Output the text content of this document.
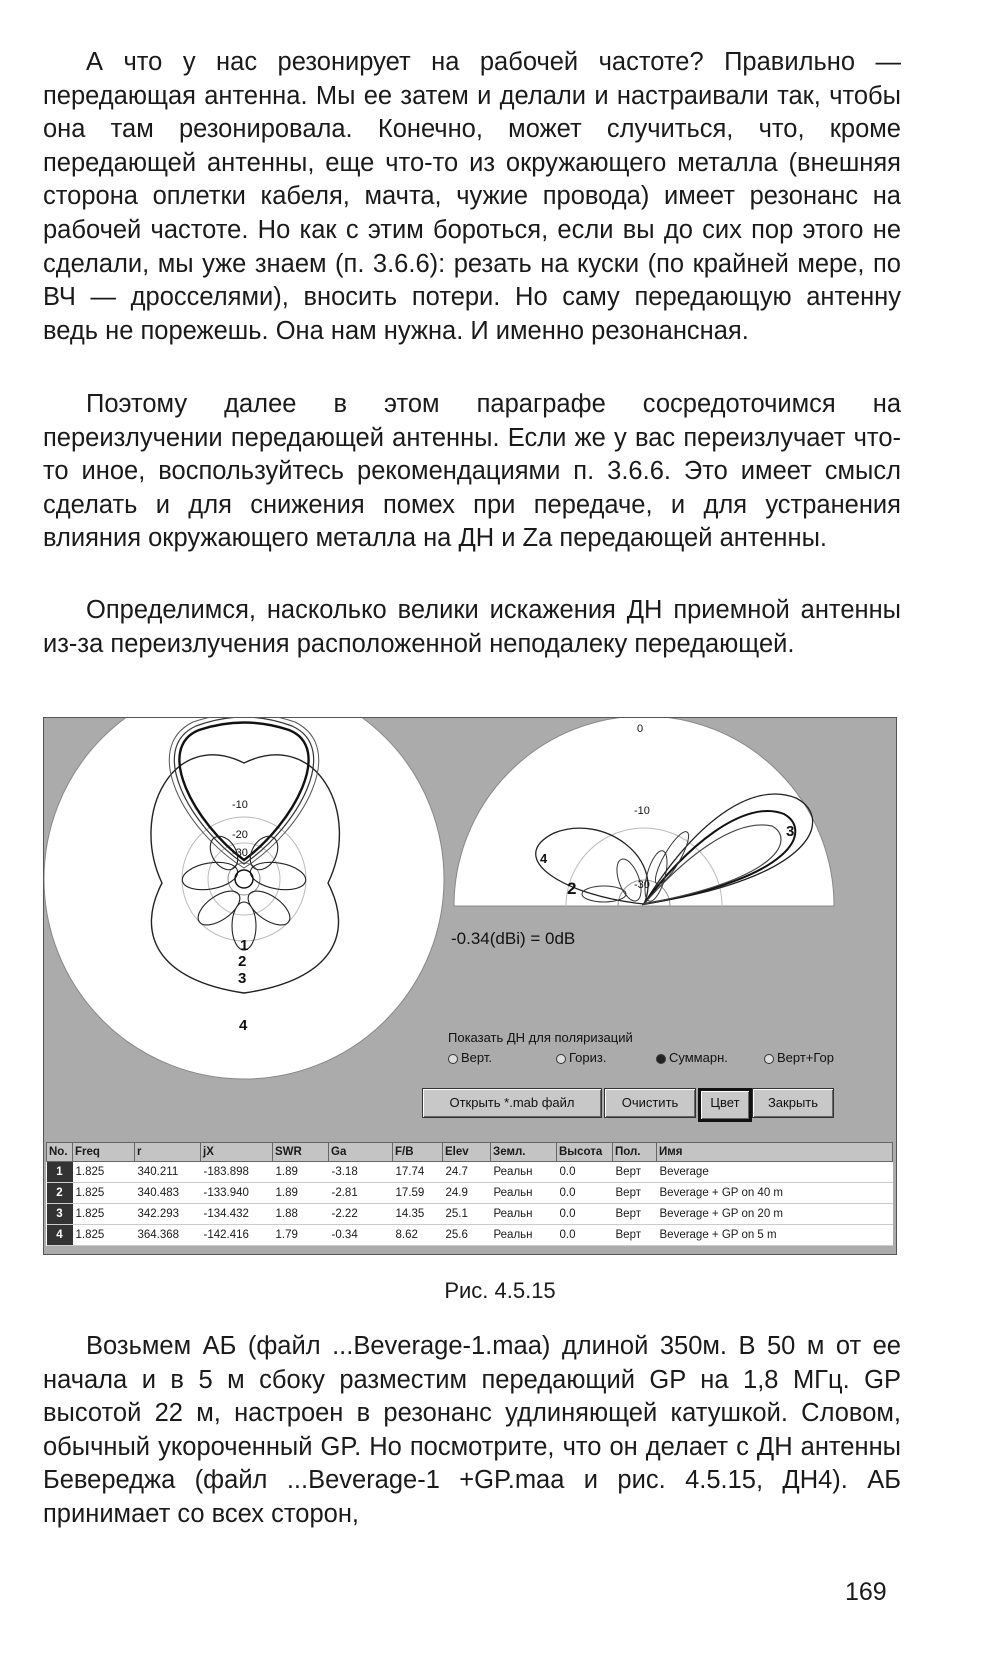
А что у нас резонирует на рабочей частоте? Правильно — передающая антенна. Мы ее затем и делали и настраивали так, чтобы она там резонировала. Конечно, может случиться, что, кроме передающей антенны, еще что-то из окружающего металла (внешняя сторона оплетки кабеля, мачта, чужие провода) имеет резонанс на рабочей частоте. Но как с этим бороться, если вы до сих пор этого не сделали, мы уже знаем (п. 3.6.6): резать на куски (по крайней мере, по ВЧ — дросселями), вносить потери. Но саму передающую антенну ведь не порежешь. Она нам нужна. И именно резонансная.

Поэтому далее в этом параграфе сосредоточимся на переизлучении передающей антенны. Если же у вас переизлучает что-то иное, воспользуйтесь рекомендациями п. 3.6.6. Это имеет смысл сделать и для снижения помех при передаче, и для устранения влияния окружающего металла на ДН и Za передающей антенны.

Определимся, насколько велики искажения ДН приемной антенны из-за переизлучения расположенной неподалеку передающей.

-10
-20
-30
1
2
3
4
0
-10
-30
2
3
4
-0.34(dBi) = 0dB
Показать ДН для поляризаций
Верт.	Гориз.	Суммарн.	Верт+Гор
Открыть *.mab файл	Очистить	Цвет	Закрыть
No.	Freq	r	jX	SWR	Ga	F/B	Elev	Земл.	Высота	Пол.	Имя
1	1.825	340.211	-183.898	1.89	-3.18	17.74	24.7	Реальн	0.0	Верт	Beverage
2	1.825	340.483	-133.940	1.89	-2.81	17.59	24.9	Реальн	0.0	Верт	Beverage + GP on 40 m
3	1.825	342.293	-134.432	1.88	-2.22	14.35	25.1	Реальн	0.0	Верт	Beverage + GP on 20 m
4	1.825	364.368	-142.416	1.79	-0.34	8.62	25.6	Реальн	0.0	Верт	Beverage + GP on 5 m
Рис. 4.5.15

Возьмем АБ (файл ...Beverage-1.maa) длиной 350м. В 50 м от ее начала и в 5 м сбоку разместим передающий GP на 1,8 МГц. GP высотой 22 м, настроен в резонанс удлиняющей катушкой. Словом, обычный укороченный GP. Но посмотрите, что он делает с ДН антенны Бевереджа (файл ...Beverage-1 +GP.maa и рис. 4.5.15, ДН4). АБ принимает со всех сторон,

169
